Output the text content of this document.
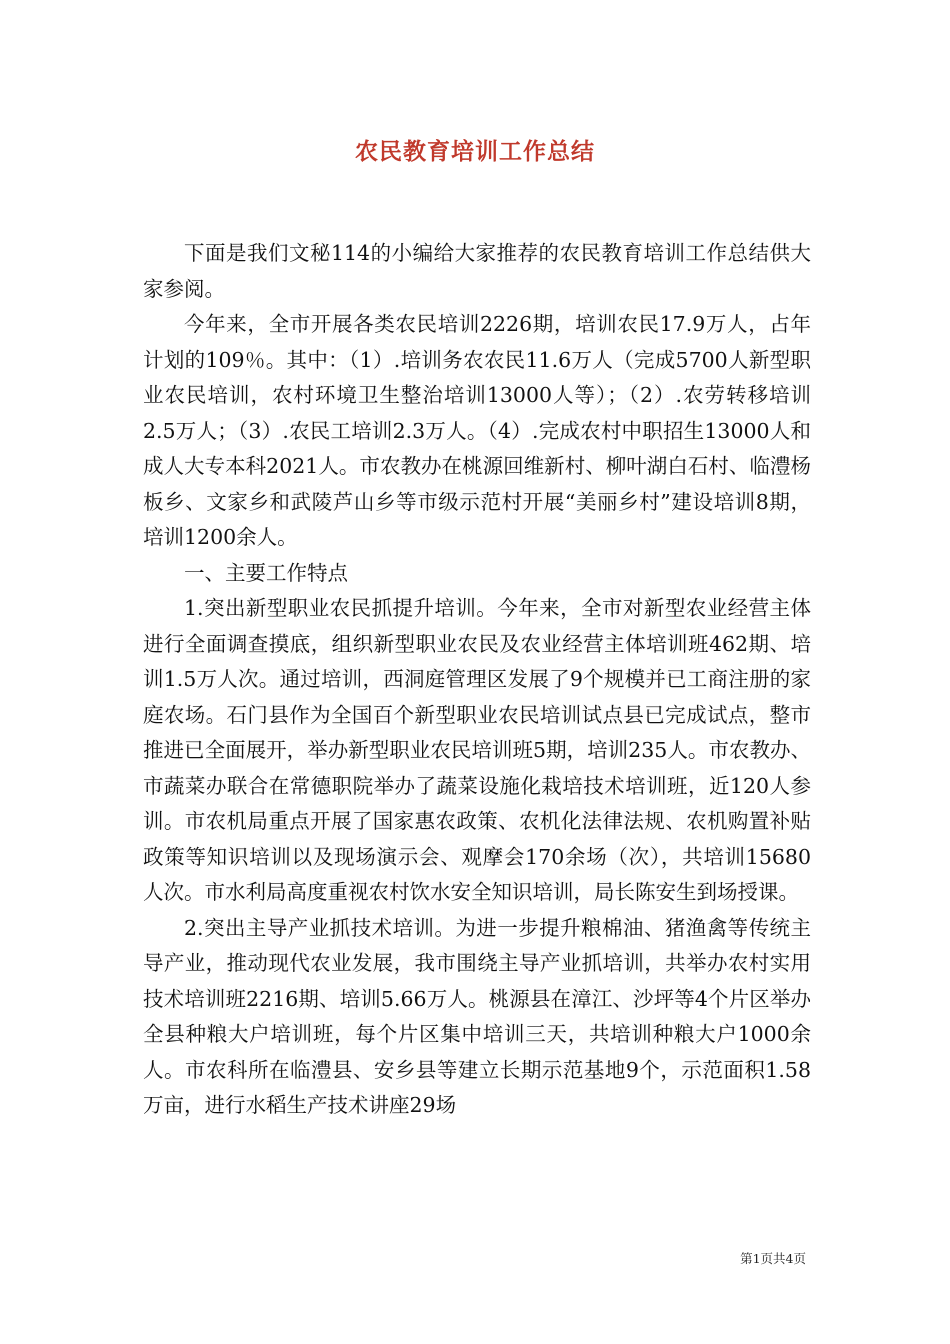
农民教育培训工作总结

下面是我们文秘114的小编给大家推荐的农民教育培训工作总结供大家参阅。

今年来，全市开展各类农民培训2226期，培训农民17.9万人，占年计划的109％。其中：（1）.培训务农农民11.6万人（完成5700人新型职业农民培训，农村环境卫生整治培训13000人等）；（2）.农劳转移培训2.5万人；（3）.农民工培训2.3万人。（4）.完成农村中职招生13000人和成人大专本科2021人。市农教办在桃源回维新村、柳叶湖白石村、临澧杨板乡、文家乡和武陵芦山乡等市级示范村开展“美丽乡村”建设培训8期，培训1200余人。

一、主要工作特点

1.突出新型职业农民抓提升培训。今年来，全市对新型农业经营主体进行全面调查摸底，组织新型职业农民及农业经营主体培训班462期、培训1.5万人次。通过培训，西洞庭管理区发展了9个规模并已工商注册的家庭农场。石门县作为全国百个新型职业农民培训试点县已完成试点，整市推进已全面展开，举办新型职业农民培训班5期，培训235人。市农教办、市蔬菜办联合在常德职院举办了蔬菜设施化栽培技术培训班，近120人参训。市农机局重点开展了国家惠农政策、农机化法律法规、农机购置补贴政策等知识培训以及现场演示会、观摩会170余场（次），共培训15680人次。市水利局高度重视农村饮水安全知识培训，局长陈安生到场授课。

2.突出主导产业抓技术培训。为进一步提升粮棉油、猪渔禽等传统主导产业，推动现代农业发展，我市围绕主导产业抓培训，共举办农村实用技术培训班2216期、培训5.66万人。桃源县在漳江、沙坪等4个片区举办全县种粮大户培训班，每个片区集中培训三天，共培训种粮大户1000余人。市农科所在临澧县、安乡县等建立长期示范基地9个，示范面积1.58万亩，进行水稻生产技术讲座29场

第1页共4页
